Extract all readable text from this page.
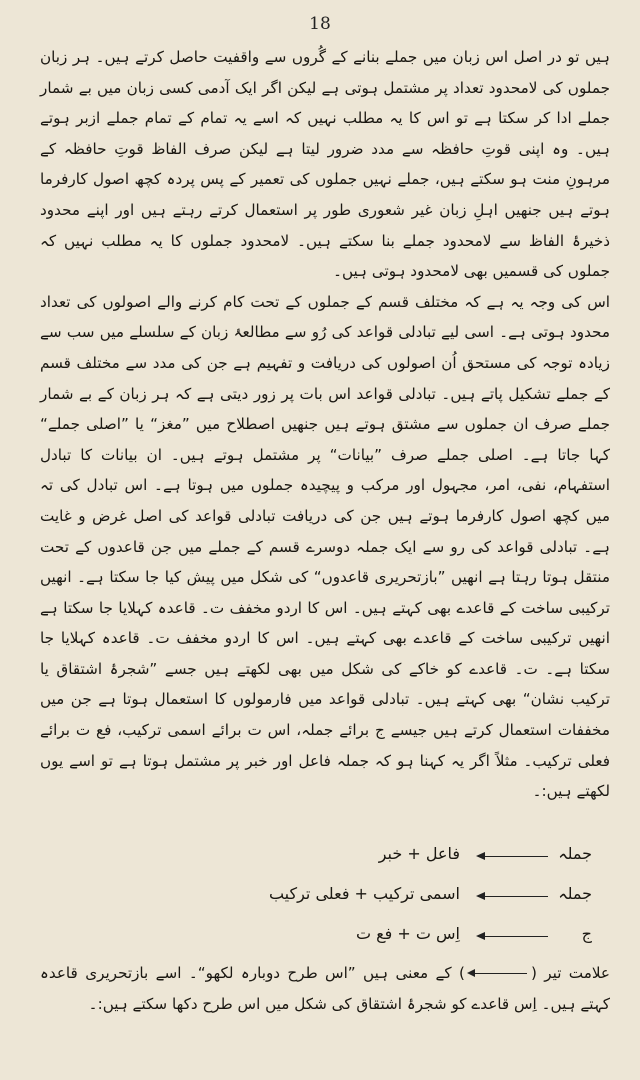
18

ہیں تو در اصل اس زبان میں جملے بنانے کے گُروں سے واقفیت حاصل کرتے ہیں۔ ہر زبان جملوں کی لامحدود تعداد پر مشتمل ہوتی ہے لیکن اگر ایک آدمی کسی زبان میں بے شمار جملے ادا کر سکتا ہے تو اس کا یہ مطلب نہیں کہ اسے یہ تمام کے تمام جملے ازبر ہوتے ہیں۔ وہ اپنی قوتِ حافظہ سے مدد ضرور لیتا ہے لیکن صرف الفاظ قوتِ حافظہ کے مرہونِ منت ہو سکتے ہیں، جملے نہیں جملوں کی تعمیر کے پس پردہ کچھ اصول کارفرما ہوتے ہیں جنھیں اہلِ زبان غیر شعوری طور پر استعمال کرتے رہتے ہیں اور اپنے محدود ذخیرۂ الفاظ سے لامحدود جملے بنا سکتے ہیں۔ لامحدود جملوں کا یہ مطلب نہیں کہ جملوں کی قسمیں بھی لامحدود ہوتی ہیں۔

اس کی وجہ یہ ہے کہ مختلف قسم کے جملوں کے تحت کام کرنے والے اصولوں کی تعداد محدود ہوتی ہے۔ اسی لیے تبادلی قواعد کی رُو سے مطالعۂ زبان کے سلسلے میں سب سے زیادہ توجہ کی مستحق اُن اصولوں کی دریافت و تفہیم ہے جن کی مدد سے مختلف قسم کے جملے تشکیل پاتے ہیں۔ تبادلی قواعد اس بات پر زور دیتی ہے کہ ہر زبان کے بے شمار جملے صرف ان جملوں سے مشتق ہوتے ہیں جنھیں اصطلاح میں ”مغز“ یا ”اصلی جملے“ کہا جاتا ہے۔ اصلی جملے صرف ”بیانات“ پر مشتمل ہوتے ہیں۔ ان بیانات کا تبادل استفہام، نفی، امر، مجہول اور مرکب و پیچیدہ جملوں میں ہوتا ہے۔ اس تبادل کی تہ میں کچھ اصول کارفرما ہوتے ہیں جن کی دریافت تبادلی قواعد کی اصل غرض و غایت ہے۔ تبادلی قواعد کی رو سے ایک جملہ دوسرے قسم کے جملے میں جن قاعدوں کے تحت منتقل ہوتا رہتا ہے انھیں ”بازتحریری قاعدوں“ کی شکل میں پیش کیا جا سکتا ہے۔ انھیں ترکیبی ساخت کے قاعدے بھی کہتے ہیں۔ اس کا اردو مخفف ت۔ قاعدہ کہلایا جا سکتا ہے انھیں ترکیبی ساخت کے قاعدے بھی کہتے ہیں۔ اس کا اردو مخفف ت۔ قاعدہ کہلایا جا سکتا ہے۔ ت۔ قاعدے کو خاکے کی شکل میں بھی لکھتے ہیں جسے ”شجرۂ اشتقاق یا ترکیب نشان“ بھی کہتے ہیں۔ تبادلی قواعد میں فارمولوں کا استعمال ہوتا ہے جن میں مخففات استعمال کرتے ہیں جیسے ج برائے جملہ، اس ت برائے اسمی ترکیب، فع ت برائے فعلی ترکیب۔ مثلاً اگر یہ کہنا ہو کہ جملہ فاعل اور خبر پر مشتمل ہوتا ہے تو اسے یوں لکھتے ہیں:۔

جملہ
فاعل + خبر
جملہ
اسمی ترکیب + فعلی ترکیب
ج
اِس ت + فع ت

علامت تیر () کے معنی ہیں ”اس طرح دوبارہ لکھو“۔ اسے بازتحریری قاعدہ کہتے ہیں۔ اِس قاعدے کو شجرۂ اشتقاق کی شکل میں اس طرح دکھا سکتے ہیں:۔
